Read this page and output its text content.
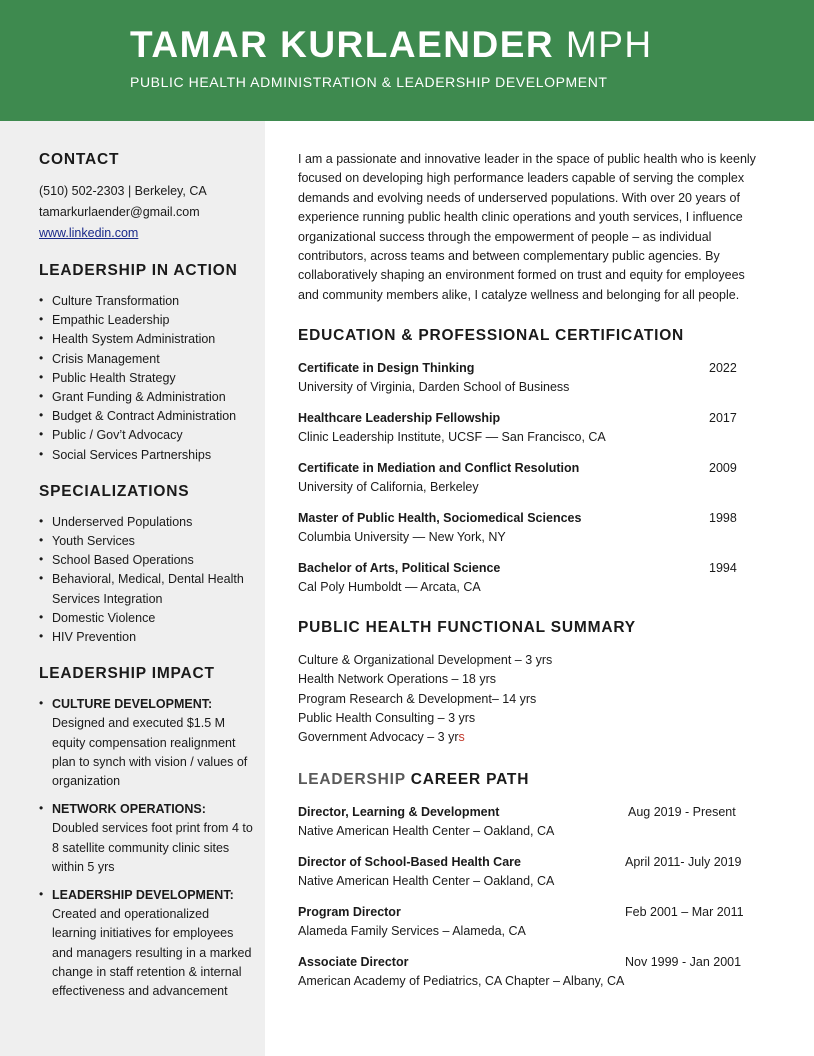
TAMAR KURLAENDER MPH
PUBLIC HEALTH ADMINISTRATION & LEADERSHIP DEVELOPMENT
CONTACT

(510) 502-2303 | Berkeley, CA

tamarkurlaender@gmail.com

www.linkedin.com

LEADERSHIP IN ACTION
• Culture Transformation
• Empathic Leadership
• Health System Administration
• Crisis Management
• Public Health Strategy
• Grant Funding & Administration
• Budget & Contract Administration
• Public / Gov’t Advocacy
• Social Services Partnerships
SPECIALIZATIONS
• Underserved Populations
• Youth Services
• School Based Operations
• Behavioral, Medical, Dental Health Services Integration
• Domestic Violence
• HIV Prevention
LEADERSHIP IMPACT
• CULTURE DEVELOPMENT: Designed and executed $1.5 M equity compensation realignment plan to synch with vision / values of organization
• NETWORK OPERATIONS: Doubled services foot print from 4 to 8 satellite community clinic sites within 5 yrs
• LEADERSHIP DEVELOPMENT: Created and operationalized learning initiatives for employees and managers resulting in a marked change in staff retention & internal effectiveness and advancement

I am a passionate and innovative leader in the space of public health who is keenly focused on developing high performance leaders capable of serving the complex demands and evolving needs of underserved populations. With over 20 years of experience running public health clinic operations and youth services, I influence organizational success through the empowerment of people – as individual contributors, across teams and between complementary public agencies. By collaboratively shaping an environment formed on trust and equity for employees and community members alike, I catalyze wellness and belonging for all people.

EDUCATION & PROFESSIONAL CERTIFICATION
Certificate in Design Thinking
University of Virginia, Darden School of Business
2022
Healthcare Leadership Fellowship
Clinic Leadership Institute, UCSF — San Francisco, CA
2017
Certificate in Mediation and Conflict Resolution
University of California, Berkeley
2009
Master of Public Health, Sociomedical Sciences
Columbia University — New York, NY
1998
Bachelor of Arts, Political Science
Cal Poly Humboldt — Arcata, CA
1994
PUBLIC HEALTH FUNCTIONAL SUMMARY
Culture & Organizational Development – 3 yrs
Health Network Operations – 18 yrs
Program Research & Development– 14 yrs
Public Health Consulting – 3 yrs
Government Advocacy – 3 yrs
LEADERSHIP CAREER PATH
Director, Learning & Development
Native American Health Center – Oakland, CA
Aug 2019 - Present
Director of School-Based Health Care
Native American Health Center – Oakland, CA
April 2011- July 2019
Program Director
Alameda Family Services – Alameda, CA
Feb 2001 – Mar 2011
Associate Director
American Academy of Pediatrics, CA Chapter – Albany, CA
Nov 1999 - Jan 2001
